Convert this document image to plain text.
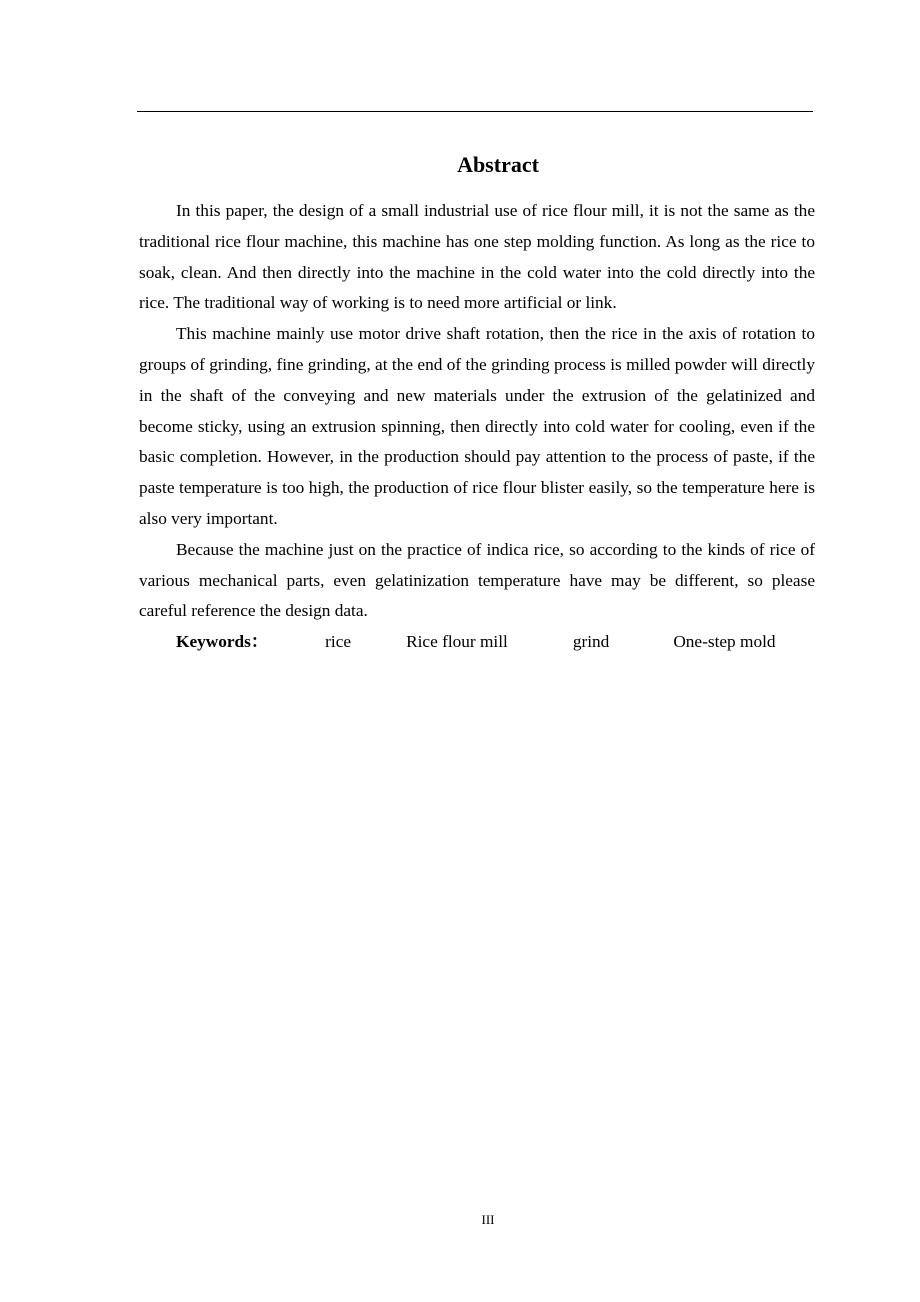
Abstract

In this paper, the design of a small industrial use of rice flour mill, it is not the same as the traditional rice flour machine, this machine has one step molding function. As long as the rice to soak, clean. And then directly into the machine in the cold water into the cold directly into the rice. The traditional way of working is to need more artificial or link.

This machine mainly use motor drive shaft rotation, then the rice in the axis of rotation to groups of grinding, fine grinding, at the end of the grinding process is milled powder will directly in the shaft of the conveying and new materials under the extrusion of the gelatinized and become sticky, using an extrusion spinning, then directly into cold water for cooling, even if the basic completion. However, in the production should pay attention to the process of paste, if the paste temperature is too high, the production of rice flour blister easily, so the temperature here is also very important.

Because the machine just on the practice of indica rice, so according to the kinds of rice of various mechanical parts, even gelatinization temperature have may be different, so please careful reference the design data.

Keywords：	rice	Rice flour mill	grind	One-step mold

III
